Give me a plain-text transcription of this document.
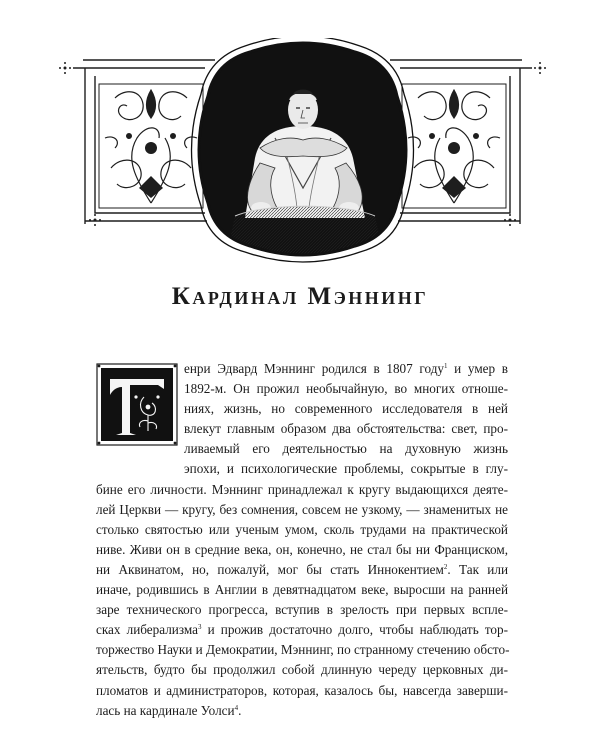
Кардинал Мэннинг
енри Эдвард Мэннинг родился в 1807 году$^1$ и умер в
1892-м. Он прожил необычайную, во многих отноше-
ниях, жизнь, но современного исследователя в ней
влекут главным образом два обстоятельства: свет, про-
ливаемый его деятельностью на духовную жизнь
эпохи, и психологические проблемы, сокрытые в глу-
бине его личности. Мэннинг принадлежал к кругу выдающихся деяте-
лей Церкви — кругу, без сомнения, совсем не узкому, — знаменитых не
столько святостью или ученым умом, сколь трудами на практической
ниве. Живи он в средние века, он, конечно, не стал бы ни Франциском,
ни Аквинатом, но, пожалуй, мог бы стать Иннокентием$^2$. Так или
иначе, родившись в Англии в девятнадцатом веке, выросши на ранней
заре технического прогресса, вступив в зрелость при первых вспле-
сках либерализма$^3$ и прожив достаточно долго, чтобы наблюдать тор-
торжество Науки и Демократии, Мэннинг, по странному стечению обсто-
ятельств, будто бы продолжил собой длинную череду церковных ди-
пломатов и администраторов, которая, казалось бы, навсегда заверши-
лась на кардинале Уолси$^4$.
